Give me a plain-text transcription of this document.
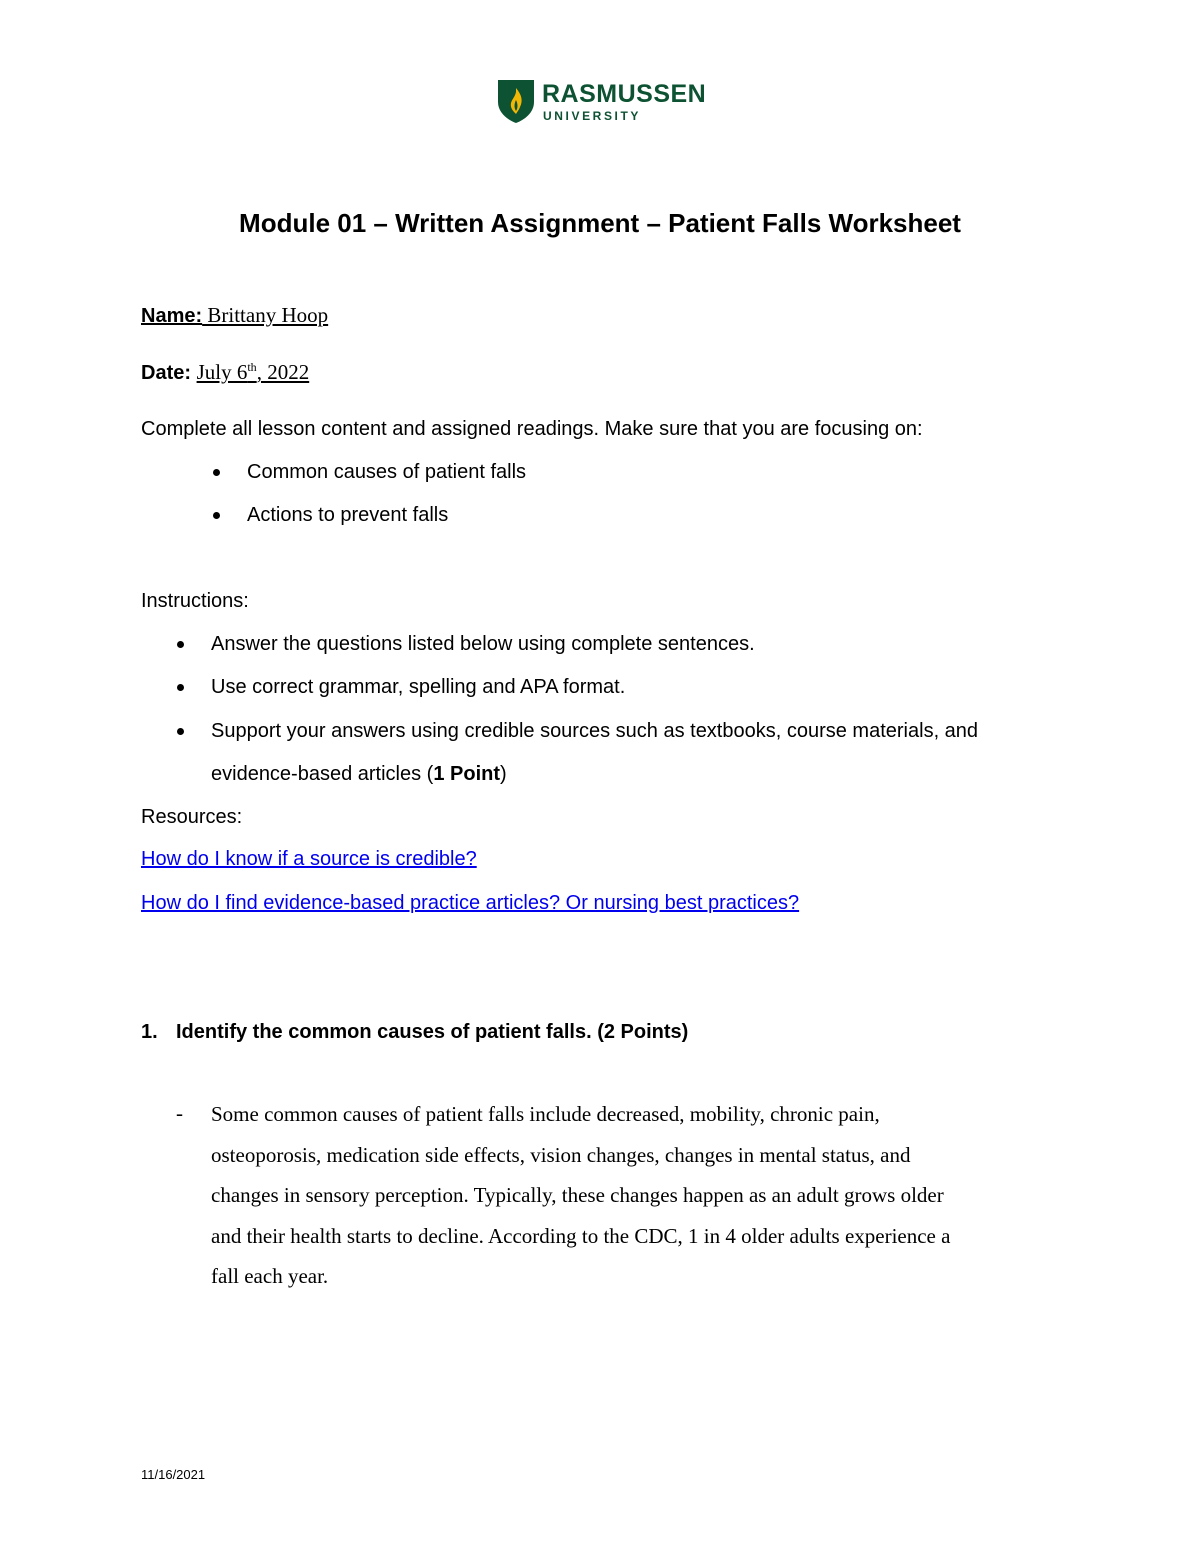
RASMUSSEN
UNIVERSITY
Module 01 – Written Assignment – Patient Falls Worksheet
Name: Brittany Hoop
Date: July 6th, 2022
Complete all lesson content and assigned readings. Make sure that you are focusing on:
Common causes of patient falls
Actions to prevent falls
Instructions:
Answer the questions listed below using complete sentences.
Use correct grammar, spelling and APA format.
Support your answers using credible sources such as textbooks, course materials, and
evidence-based articles (1 Point)
Resources:
How do I know if a source is credible?
How do I find evidence-based practice articles? Or nursing best practices?
1. Identify the common causes of patient falls. (2 Points)
- Some common causes of patient falls include decreased, mobility, chronic pain,
osteoporosis, medication side effects, vision changes, changes in mental status, and
changes in sensory perception. Typically, these changes happen as an adult grows older
and their health starts to decline. According to the CDC, 1 in 4 older adults experience a
fall each year.
11/16/2021
